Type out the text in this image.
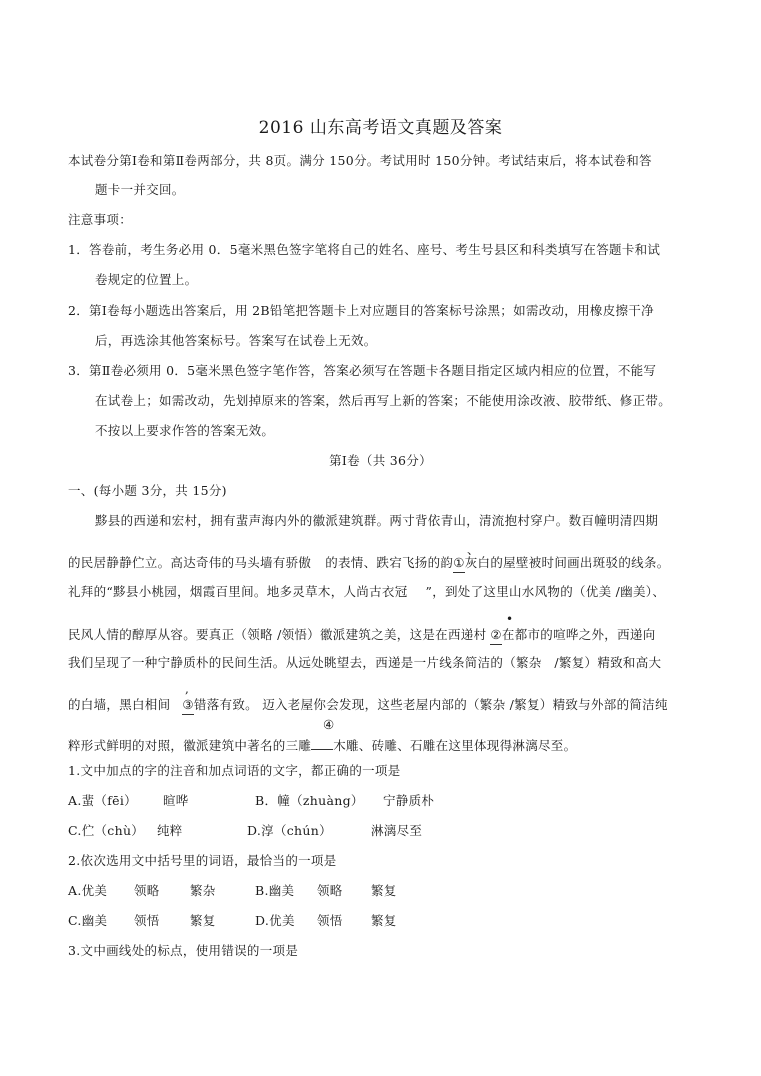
2016 山东高考语文真题及答案
本试卷分第Ⅰ卷和第Ⅱ卷两部分，共 8页。满分 150分。考试用时 150分钟。考试结束后，将本试卷和答
题卡一并交回。
注意事项：
1．答卷前，考生务必用 0．5毫米黑色签字笔将自己的姓名、座号、考生号县区和科类填写在答题卡和试
卷规定的位置上。
2．第Ⅰ卷每小题选出答案后，用 2B铅笔把答题卡上对应题目的答案标号涂黑；如需改动，用橡皮擦干净
后，再选涂其他答案标号。答案写在试卷上无效。
3．第Ⅱ卷必须用 0．5毫米黑色签字笔作答，答案必须写在答题卡各题目指定区域内相应的位置，不能写
在试卷上；如需改动，先划掉原来的答案，然后再写上新的答案；不能使用涂改液、胶带纸、修正带。
不按以上要求作答的答案无效。
第Ⅰ卷（共 36分）
一、(每小题 3分，共 15分)
黟县的西递和宏村，拥有蜚声海内外的徽派建筑群。两寸背依青山，清流抱村穿户。数百幢明清四期
的民居静静伫立。高达奇伟的马头墙有骄傲 的表情、跌宕飞扬的韵①灰白的屋壁被时间画出斑驳的线条。
、
礼拜的“黟县小桃园，烟霞百里间。地多灵草木，人尚古衣冠 ”，到处了这里山水风物的（优美 /幽美）、
•
民风人情的醇厚从容。要真正（领略 /领悟）徽派建筑之美，这是在西递村 ②在都市的喧哗之外，西递向
我们呈现了一种宁静质朴的民间生活。从远处眺望去，西递是一片线条简洁的（繁杂　/繁复）精致和高大
,
的白墙，黑白相间 ③错落有致。 迈入老屋你会发现，这些老屋内部的（繁杂 /繁复）精致与外部的简洁纯
④
粹形式鲜明的对照，徽派建筑中著名的三雕 木雕、砖雕、石雕在这里体现得淋漓尽至。
1.文中加点的字的注音和加点词语的文字，都正确的一项是
A.蜚（fēi） 暄哗	B．幢（zhuàng） 宁静质朴
C.伫（chù） 纯粹	D.淳（chún）	淋漓尽至
2.依次选用文中括号里的词语，最恰当的一项是
A.优美 领略 繁杂	B.幽美 领略 繁复
C.幽美 领悟 繁复	D.优美 领悟 繁复
3.文中画线处的标点，使用错误的一项是
